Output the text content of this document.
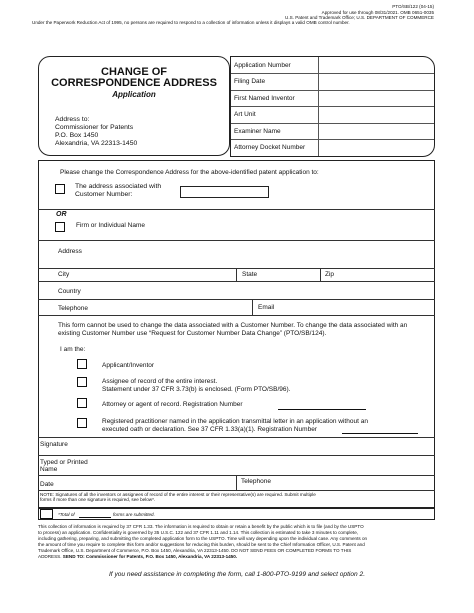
PTO/SB/122 (04-15)
Approved for use through 08/31/2021. OMB 0651-0035
U.S. Patent and Trademark Office; U.S. DEPARTMENT OF COMMERCE
Under the Paperwork Reduction Act of 1995, no persons are required to respond to a collection of information unless it displays a valid OMB control number.
CHANGE OF
CORRESPONDENCE ADDRESS
Application
Address to:
Commissioner for Patents
P.O. Box 1450
Alexandria, VA 22313-1450
Application Number
Filing Date
First Named Inventor
Art Unit
Examiner Name
Attorney Docket Number
Please change the Correspondence Address for the above-identified patent application to:
The address associated with Customer Number:
OR
Firm or Individual Name
Address
City	State	Zip
Country
Telephone	Email
This form cannot be used to change the data associated with a Customer Number. To change the data associated with an existing Customer Number use “Request for Customer Number Data Change” (PTO/SB/124).
I am the:
Applicant/Inventor
Assignee of record of the entire interest.
Statement under 37 CFR 3.73(b) is enclosed. (Form PTO/SB/96).
Attorney or agent of record. Registration Number
Registered practitioner named in the application transmittal letter in an application without an
executed oath or declaration. See 37 CFR 1.33(a)(1). Registration Number
Signature
Typed or Printed
Name
Date	Telephone
NOTE: Signatures of all the inventors or assignees of record of the entire interest or their representative(s) are required. Submit multiple
forms if more than one signature is required, see below*.
*Total of	forms are submitted.
This collection of information is required by 37 CFR 1.33. The information is required to obtain or retain a benefit by the public which is to file (and by the USPTO
to process) an application. Confidentiality is governed by 35 U.S.C. 122 and 37 CFR 1.11 and 1.14. This collection is estimated to take 3 minutes to complete,
including gathering, preparing, and submitting the completed application form to the USPTO. Time will vary depending upon the individual case. Any comments on
the amount of time you require to complete this form and/or suggestions for reducing this burden, should be sent to the Chief Information Officer, U.S. Patent and
Trademark Office, U.S. Department of Commerce, P.O. Box 1450, Alexandria, VA 22313-1450. DO NOT SEND FEES OR COMPLETED FORMS TO THIS
ADDRESS. SEND TO: Commissioner for Patents, P.O. Box 1450, Alexandria, VA 22313-1450.
If you need assistance in completing the form, call 1-800-PTO-9199 and select option 2.
